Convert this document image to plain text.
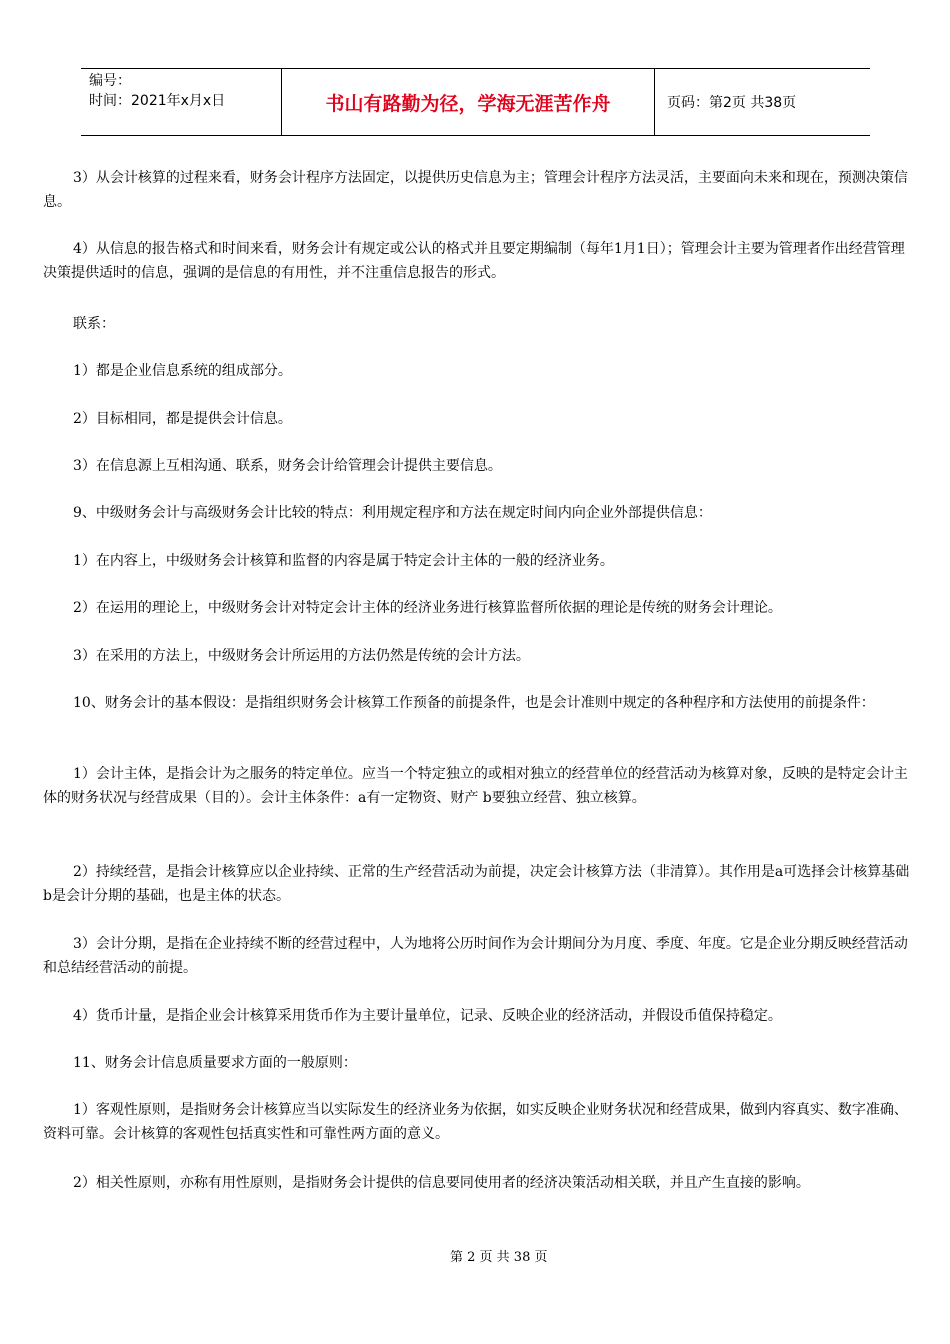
编号：
时间：2021年x月x日	书山有路勤为径，学海无涯苦作舟	页码：第2页 共38页

3）从会计核算的过程来看，财务会计程序方法固定，以提供历史信息为主；管理会计程序方法灵活，主要面向未来和现在，预测决策信息。

4）从信息的报告格式和时间来看，财务会计有规定或公认的格式并且要定期编制（每年1月1日）；管理会计主要为管理者作出经营管理决策提供适时的信息，强调的是信息的有用性，并不注重信息报告的形式。

联系：

1）都是企业信息系统的组成部分。

2）目标相同，都是提供会计信息。

3）在信息源上互相沟通、联系，财务会计给管理会计提供主要信息。

9、中级财务会计与高级财务会计比较的特点：利用规定程序和方法在规定时间内向企业外部提供信息：

1）在内容上，中级财务会计核算和监督的内容是属于特定会计主体的一般的经济业务。

2）在运用的理论上，中级财务会计对特定会计主体的经济业务进行核算监督所依据的理论是传统的财务会计理论。

3）在采用的方法上，中级财务会计所运用的方法仍然是传统的会计方法。

10、财务会计的基本假设：是指组织财务会计核算工作预备的前提条件，也是会计准则中规定的各种程序和方法使用的前提条件：

1）会计主体，是指会计为之服务的特定单位。应当一个特定独立的或相对独立的经营单位的经营活动为核算对象，反映的是特定会计主体的财务状况与经营成果（目的）。会计主体条件：a有一定物资、财产 b要独立经营、独立核算。

2）持续经营，是指会计核算应以企业持续、正常的生产经营活动为前提，决定会计核算方法（非清算）。其作用是a可选择会计核算基础 b是会计分期的基础，也是主体的状态。

3）会计分期，是指在企业持续不断的经营过程中，人为地将公历时间作为会计期间分为月度、季度、年度。它是企业分期反映经营活动和总结经营活动的前提。

4）货币计量，是指企业会计核算采用货币作为主要计量单位，记录、反映企业的经济活动，并假设币值保持稳定。

11、财务会计信息质量要求方面的一般原则：

1）客观性原则，是指财务会计核算应当以实际发生的经济业务为依据，如实反映企业财务状况和经营成果，做到内容真实、数字准确、资料可靠。会计核算的客观性包括真实性和可靠性两方面的意义。

2）相关性原则，亦称有用性原则，是指财务会计提供的信息要同使用者的经济决策活动相关联，并且产生直接的影响。

第 2 页 共 38 页
